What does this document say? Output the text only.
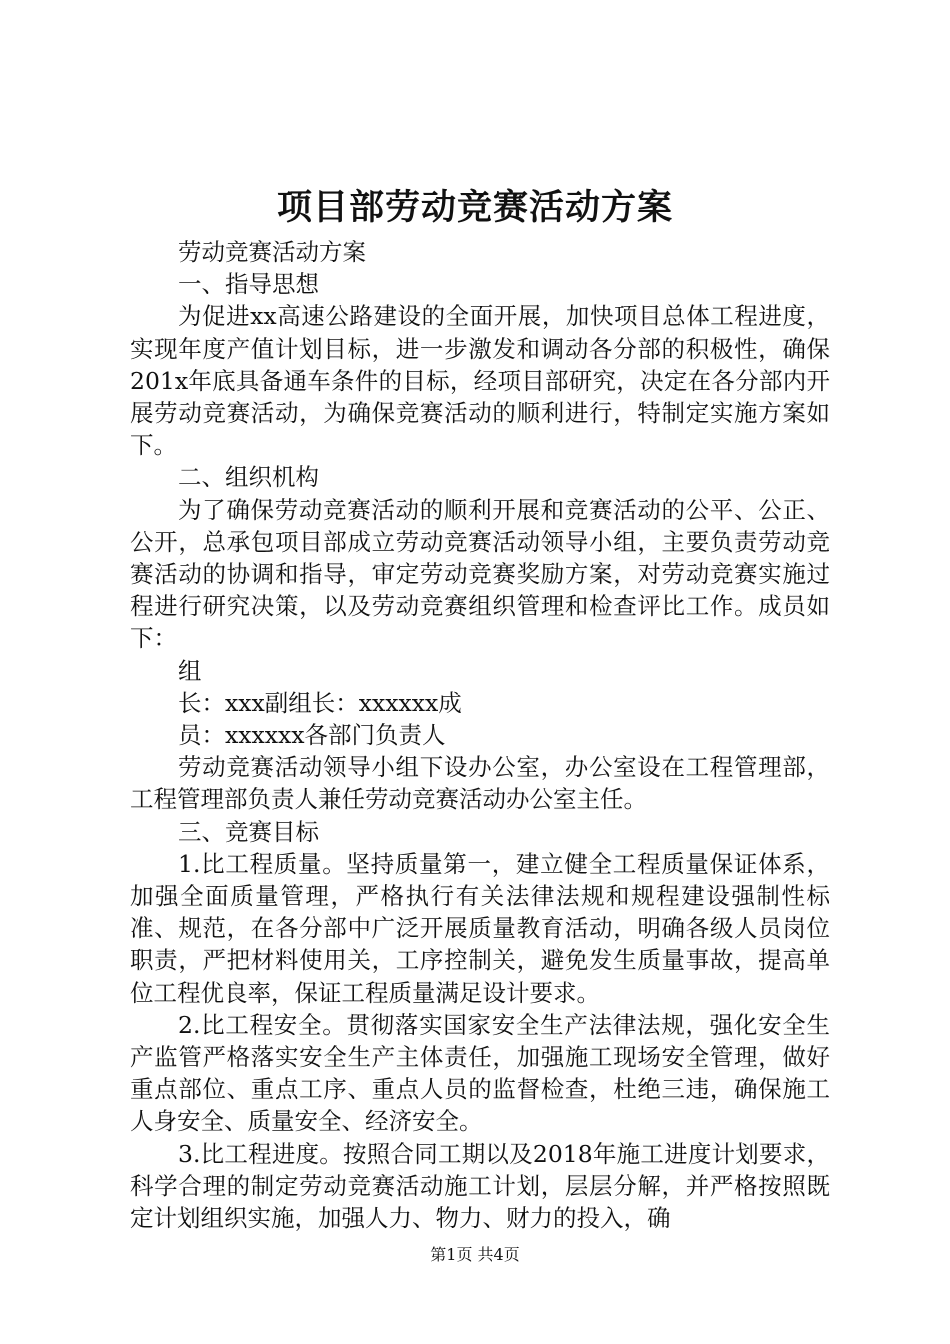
项目部劳动竞赛活动方案

劳动竞赛活动方案

一、指导思想

为促进xx高速公路建设的全面开展，加快项目总体工程进度，实现年度产值计划目标，进一步激发和调动各分部的积极性，确保201x年底具备通车条件的目标，经项目部研究，决定在各分部内开展劳动竞赛活动，为确保竞赛活动的顺利进行，特制定实施方案如下。

二、组织机构

为了确保劳动竞赛活动的顺利开展和竞赛活动的公平、公正、公开，总承包项目部成立劳动竞赛活动领导小组，主要负责劳动竞赛活动的协调和指导，审定劳动竞赛奖励方案，对劳动竞赛实施过程进行研究决策，以及劳动竞赛组织管理和检查评比工作。成员如下：

组

长：xxx副组长：xxxxxx成

员：xxxxxx各部门负责人

劳动竞赛活动领导小组下设办公室，办公室设在工程管理部，工程管理部负责人兼任劳动竞赛活动办公室主任。

三、竞赛目标

1.比工程质量。坚持质量第一，建立健全工程质量保证体系，加强全面质量管理，严格执行有关法律法规和规程建设强制性标准、规范，在各分部中广泛开展质量教育活动，明确各级人员岗位职责，严把材料使用关，工序控制关，避免发生质量事故，提高单位工程优良率，保证工程质量满足设计要求。

2.比工程安全。贯彻落实国家安全生产法律法规，强化安全生产监管严格落实安全生产主体责任，加强施工现场安全管理，做好重点部位、重点工序、重点人员的监督检查，杜绝三违，确保施工人身安全、质量安全、经济安全。

3.比工程进度。按照合同工期以及2018年施工进度计划要求，科学合理的制定劳动竞赛活动施工计划，层层分解，并严格按照既定计划组织实施，加强人力、物力、财力的投入，确

第1页 共4页
